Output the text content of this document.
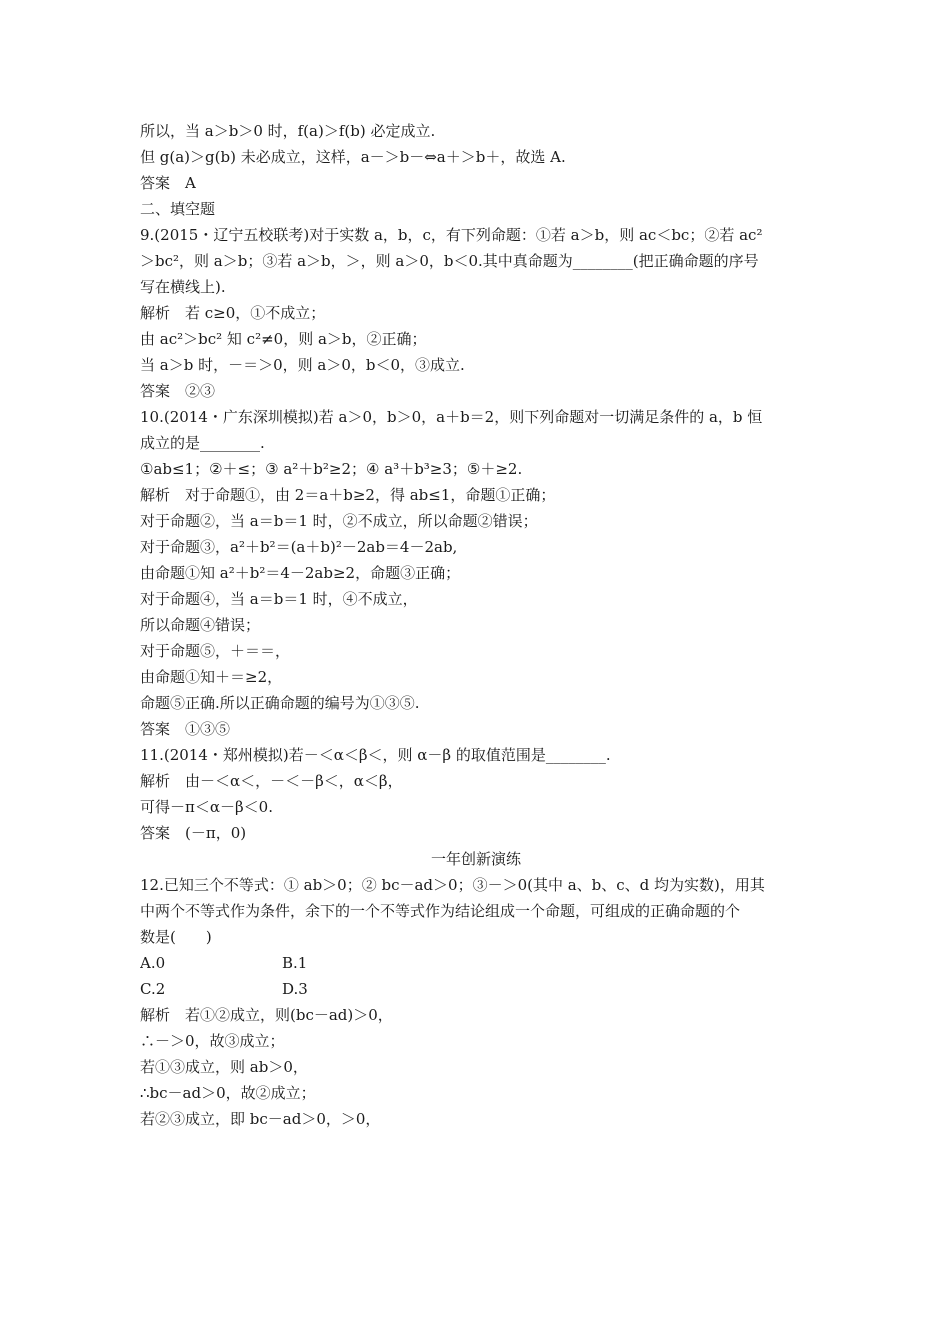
所以，当 a＞b＞0 时，f(a)＞f(b) 必定成立.
但 g(a)＞g(b) 未必成立，这样，a－＞b－⇔a＋＞b＋，故选 A.
答案　A
二、填空题
9.(2015・辽宁五校联考)对于实数 a，b，c，有下列命题：①若 a＞b，则 ac＜bc；②若 ac²
＞bc²，则 a＞b；③若 a＞b，＞，则 a＞0，b＜0.其中真命题为________(把正确命题的序号
写在横线上).
解析　若 c≥0，①不成立；
由 ac²＞bc² 知 c²≠0，则 a＞b，②正确；
当 a＞b 时，－＝＞0，则 a＞0，b＜0，③成立.
答案　②③
10.(2014・广东深圳模拟)若 a＞0，b＞0，a＋b＝2，则下列命题对一切满足条件的 a，b 恒
成立的是________.
①ab≤1；②＋≤；③ a²＋b²≥2；④ a³＋b³≥3；⑤＋≥2.
解析　对于命题①，由 2＝a＋b≥2，得 ab≤1，命题①正确；
对于命题②，当 a＝b＝1 时，②不成立，所以命题②错误；
对于命题③，a²＋b²＝(a＋b)²－2ab＝4－2ab,
由命题①知 a²＋b²＝4－2ab≥2，命题③正确；
对于命题④，当 a＝b＝1 时，④不成立，
所以命题④错误；
对于命题⑤，＋＝＝，
由命题①知＋＝≥2，
命题⑤正确.所以正确命题的编号为①③⑤.
答案　①③⑤
11.(2014・郑州模拟)若－＜α＜β＜，则 α－β 的取值范围是________.
解析　由－＜α＜，－＜－β＜，α＜β，
可得－π＜α－β＜0.
答案　(－π，0)
一年创新演练
12.已知三个不等式：① ab＞0；② bc－ad＞0；③－＞0(其中 a、b、c、d 均为实数)，用其
中两个不等式作为条件，余下的一个不等式作为结论组成一个命题，可组成的正确命题的个
数是(　　)
A.0	B.1
C.2	D.3
解析　若①②成立，则(bc－ad)＞0，
∴－＞0，故③成立；
若①③成立，则 ab＞0，
∴bc－ad＞0，故②成立；
若②③成立，即 bc－ad＞0，＞0，
